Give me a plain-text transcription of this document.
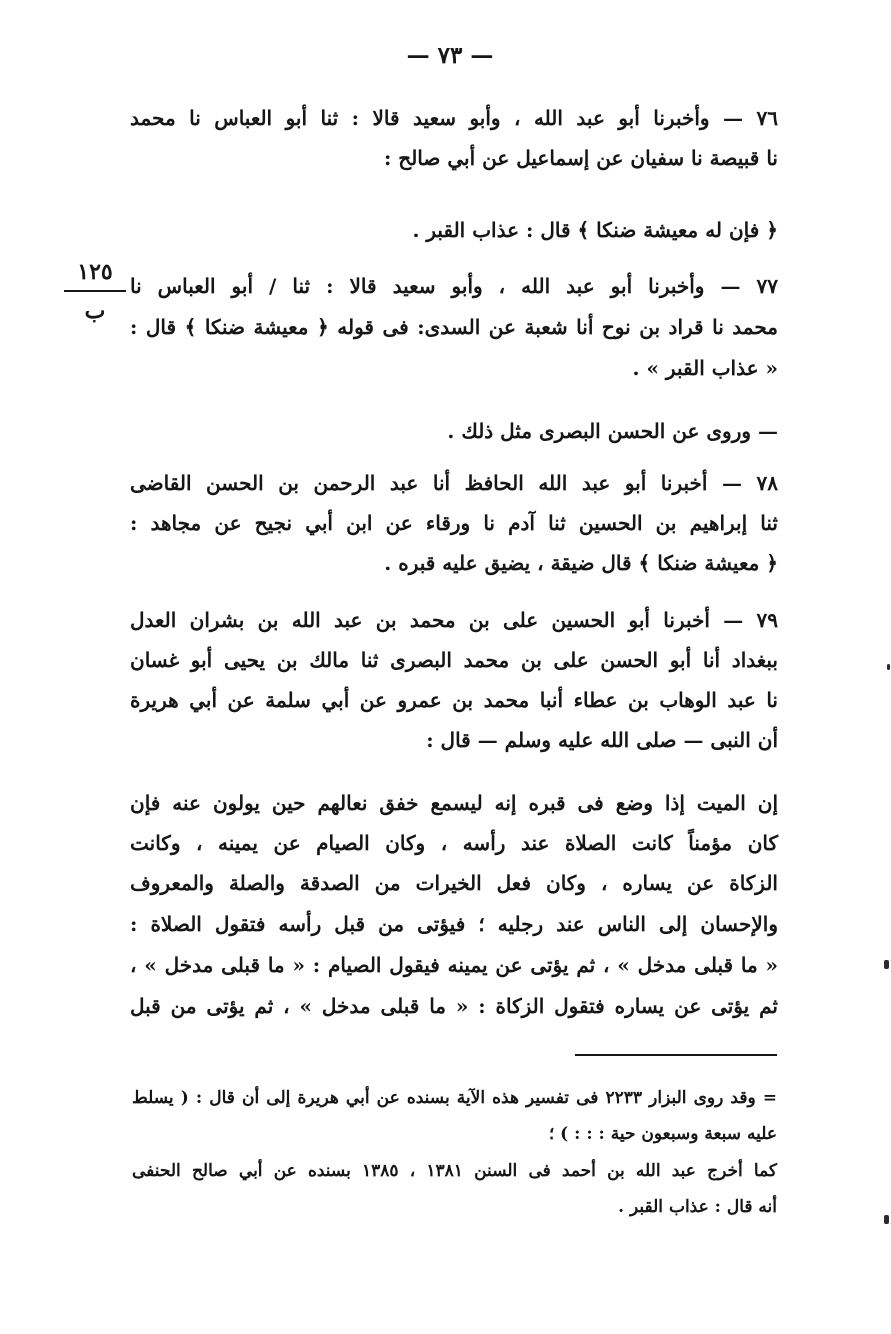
— ٧٣ —
١٢٥
ب
٧٦ — وأخبرنا أبو عبد الله ، وأبو سعيد قالا : ثنا أبو العباس نا محمد
نا قبيصة نا سفيان عن إسماعيل عن أبي صالح :
﴿ فإن له معيشة ضنكا ﴾ قال : عذاب القبر .
٧٧ — وأخبرنا أبو عبد الله ، وأبو سعيد قالا : ثنا / أبو العباس نا
محمد نا قراد بن نوح أنا شعبة عن السدى: فى قوله ﴿ معيشة ضنكا ﴾ قال :
« عذاب القبر » .
— وروى عن الحسن البصرى مثل ذلك .
٧٨ — أخبرنا أبو عبد الله الحافظ أنا عبد الرحمن بن الحسن القاضى
ثنا إبراهيم بن الحسين ثنا آدم نا ورقاء عن ابن أبي نجيح عن مجاهد :
﴿ معيشة ضنكا ﴾ قال ضيقة ، يضيق عليه قبره .
٧٩ — أخبرنا أبو الحسين على بن محمد بن عبد الله بن بشران العدل
ببغداد أنا أبو الحسن على بن محمد البصرى ثنا مالك بن يحيى أبو غسان
نا عبد الوهاب بن عطاء أنبا محمد بن عمرو عن أبي سلمة عن أبي هريرة
أن النبى — صلى الله عليه وسلم — قال :
إن الميت إذا وضع فى قبره إنه ليسمع خفق نعالهم حين يولون عنه فإن
كان مؤمناً كانت الصلاة عند رأسه ، وكان الصيام عن يمينه ، وكانت
الزكاة عن يساره ، وكان فعل الخيرات من الصدقة والصلة والمعروف
والإحسان إلى الناس عند رجليه ؛ فيؤتى من قبل رأسه فتقول الصلاة :
« ما قبلى مدخل » ، ثم يؤتى عن يمينه فيقول الصيام : « ما قبلى مدخل » ،
ثم يؤتى عن يساره فتقول الزكاة : « ما قبلى مدخل » ، ثم يؤتى من قبل
= وقد روى البزار ٢٢٣٣ فى تفسير هذه الآية بسنده عن أبي هريرة إلى أن قال : ( يسلط
عليه سبعة وسبعون حية : : : ) ؛
كما أخرج عبد الله بن أحمد فى السنن ١٣٨١ ، ١٣٨٥ بسنده عن أبي صالح الحنفى
أنه قال : عذاب القبر .
